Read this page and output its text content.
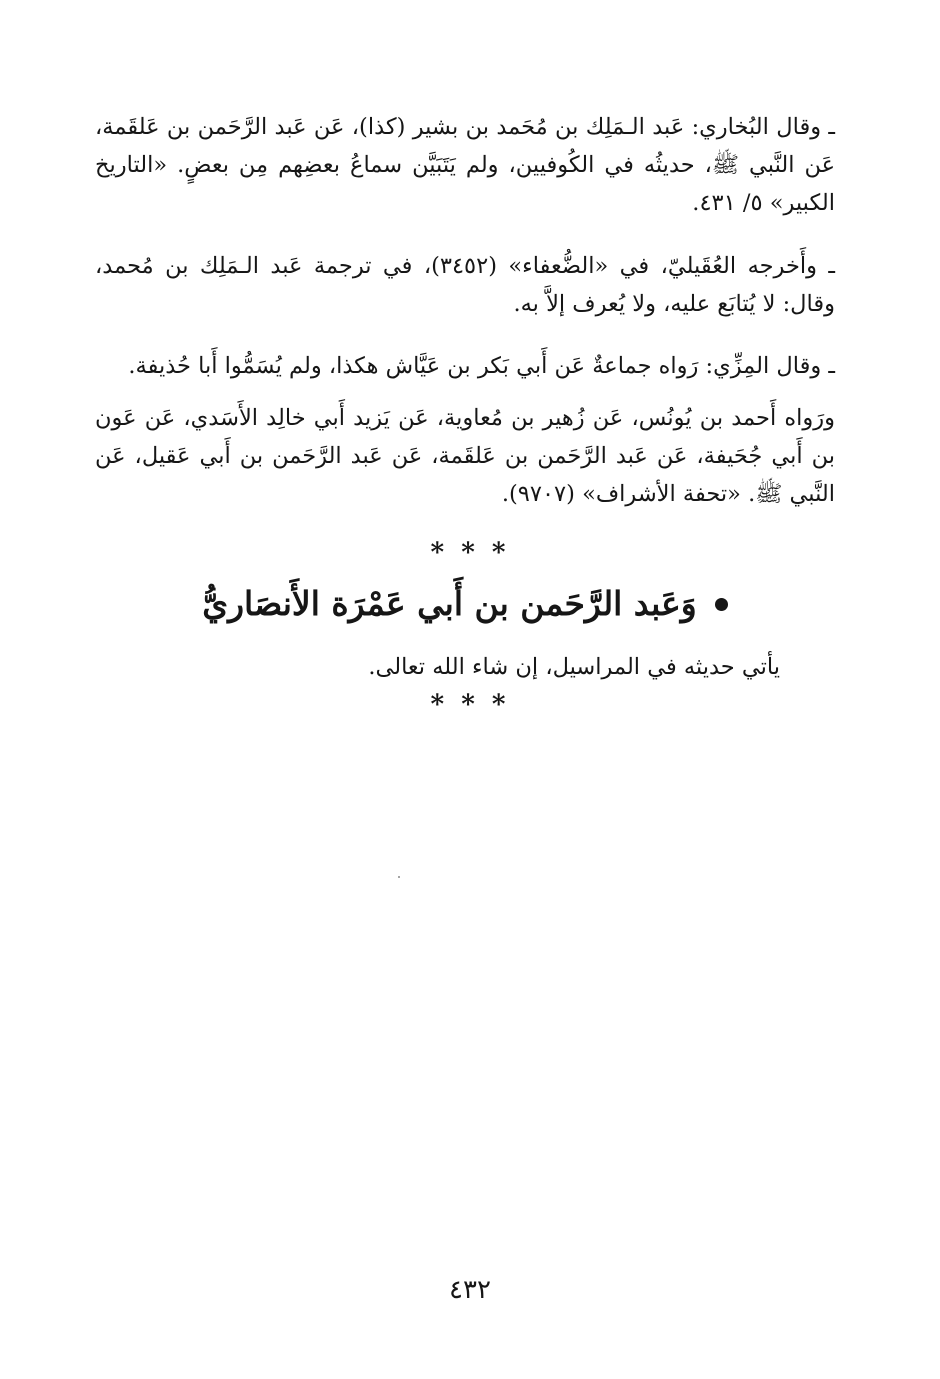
ـ وقال البُخاري: عَبد الـمَلِك بن مُحَمد بن بشير (كذا)، عَن عَبد الرَّحَمن بن عَلقَمة، عَن النَّبي ﷺ، حديثُه في الكُوفيين، ولم يَتَبَيَّن سماعُ بعضِهم مِن بعضٍ. «التاريخ الكبير» ٥/ ٤٣١.

ـ وأَخرجه العُقَيليّ، في «الضُّعفاء» (٣٤٥٢)، في ترجمة عَبد الـمَلِك بن مُحمد، وقال: لا يُتابَع عليه، ولا يُعرف إلاَّ به.

ـ وقال المِزِّي: رَواه جماعةٌ عَن أَبي بَكر بن عَيَّاش هكذا، ولم يُسَمُّوا أَبا حُذيفة.

ورَواه أَحمد بن يُونُس، عَن زُهير بن مُعاوية، عَن يَزيد أَبي خالِد الأَسَدي، عَن عَون بن أَبي جُحَيفة، عَن عَبد الرَّحَمن بن عَلقَمة، عَن عَبد الرَّحَمن بن أَبي عَقيل، عَن النَّبي ﷺ. «تحفة الأشراف» (٩٧٠٧).

* * *
وَعَبد الرَّحَمن بن أَبي عَمْرَة الأَنصَاريُّ

يأتي حديثه في المراسيل، إن شاء الله تعالى.

* * *
٤٣٢
